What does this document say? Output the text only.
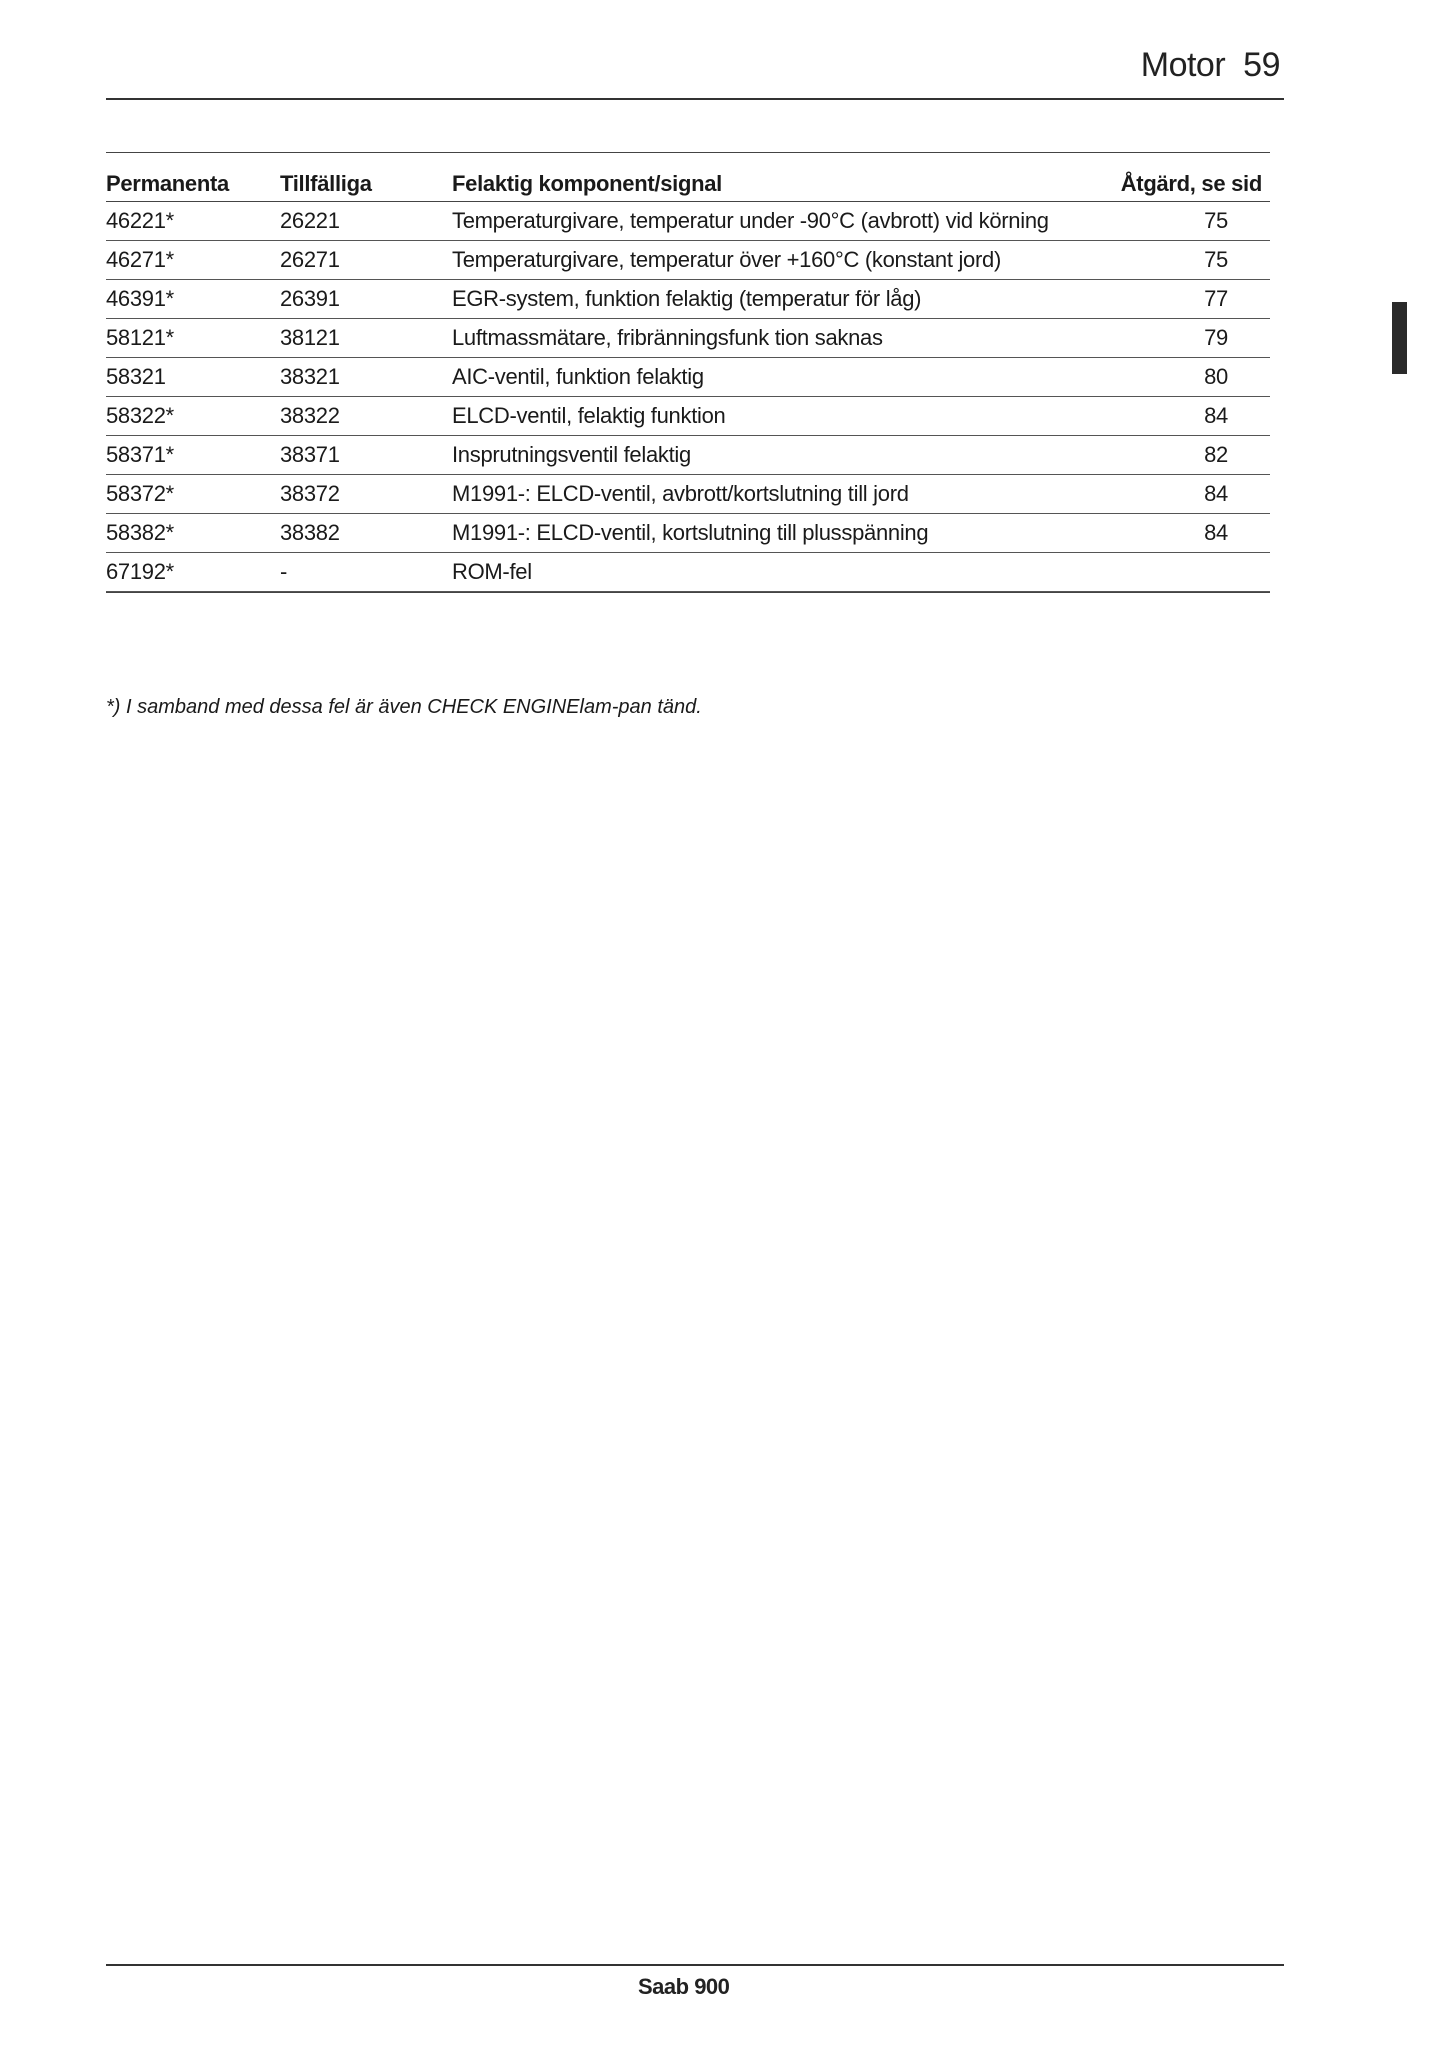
Motor 59
Permanenta	Tillfälliga	Felaktig komponent/signal	Åtgärd, se sid
46221*	26221	Temperaturgivare, temperatur under -90°C (avbrott) vid körning	75
46271*	26271	Temperaturgivare, temperatur över +160°C (konstant jord)	75
46391*	26391	EGR-system, funktion felaktig (temperatur för låg)	77
58121*	38121	Luftmassmätare, fribränningsfunk tion saknas	79
58321	38321	AIC-ventil, funktion felaktig	80
58322*	38322	ELCD-ventil, felaktig funktion	84
58371*	38371	Insprutningsventil felaktig	82
58372*	38372	M1991-: ELCD-ventil, avbrott/kortslutning till jord	84
58382*	38382	M1991-: ELCD-ventil, kortslutning till plusspänning	84
67192*	-	ROM-fel	
*) I samband med dessa fel är även CHECK ENGINElam-pan tänd.
Saab 900
